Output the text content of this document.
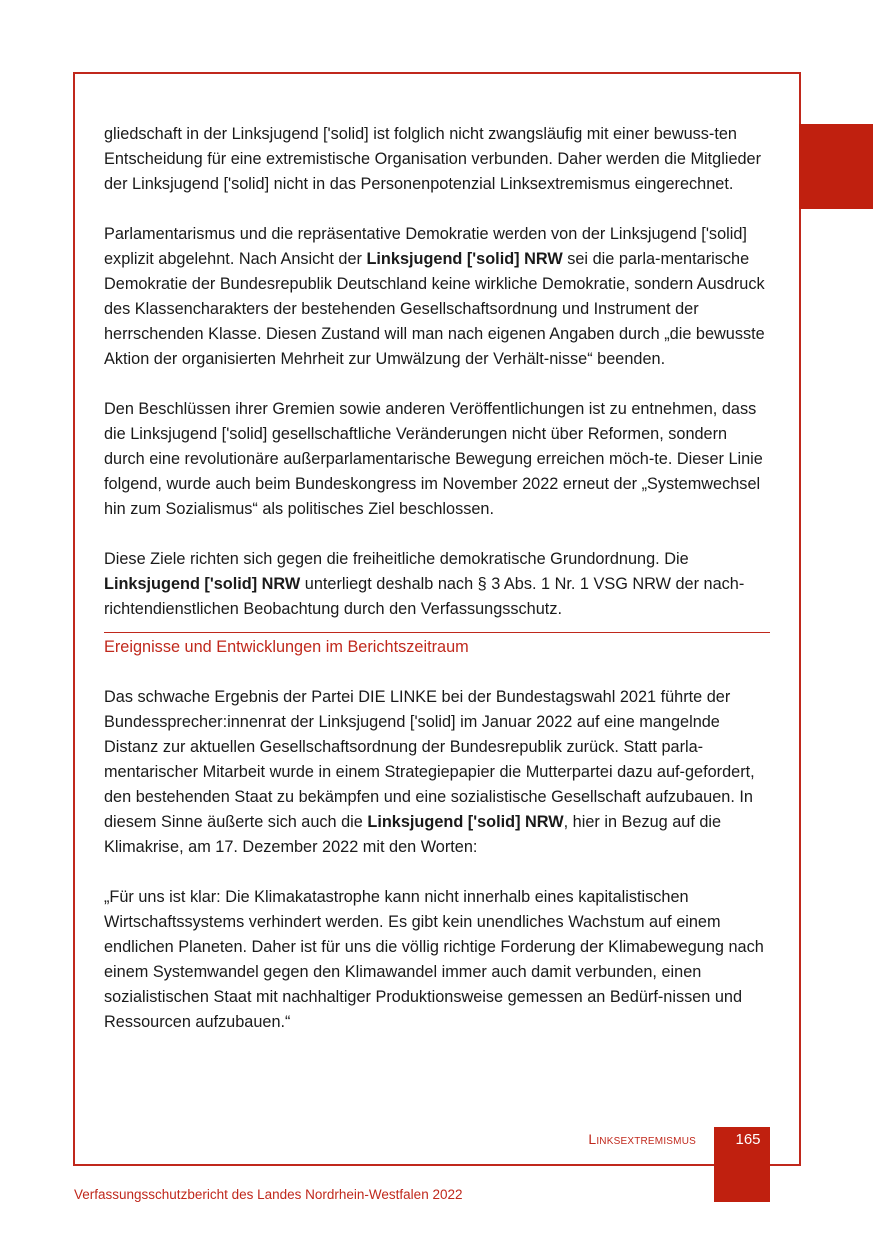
gliedschaft in der Linksjugend ['solid] ist folglich nicht zwangsläufig mit einer bewuss-ten Entscheidung für eine extremistische Organisation verbunden. Daher werden die Mitglieder der Linksjugend ['solid] nicht in das Personenpotenzial Linksextremismus eingerechnet.

Parlamentarismus und die repräsentative Demokratie werden von der Linksjugend ['solid] explizit abgelehnt. Nach Ansicht der Linksjugend ['solid] NRW sei die parla-mentarische Demokratie der Bundesrepublik Deutschland keine wirkliche Demokratie, sondern Ausdruck des Klassencharakters der bestehenden Gesellschaftsordnung und Instrument der herrschenden Klasse. Diesen Zustand will man nach eigenen Angaben durch „die bewusste Aktion der organisierten Mehrheit zur Umwälzung der Verhält-nisse“ beenden.

Den Beschlüssen ihrer Gremien sowie anderen Veröffentlichungen ist zu entnehmen, dass die Linksjugend ['solid] gesellschaftliche Veränderungen nicht über Reformen, sondern durch eine revolutionäre außerparlamentarische Bewegung erreichen möch-te. Dieser Linie folgend, wurde auch beim Bundeskongress im November 2022 erneut der „Systemwechsel hin zum Sozialismus“ als politisches Ziel beschlossen.

Diese Ziele richten sich gegen die freiheitliche demokratische Grundordnung. Die Linksjugend ['solid] NRW unterliegt deshalb nach § 3 Abs. 1 Nr. 1 VSG NRW der nach-richtendienstlichen Beobachtung durch den Verfassungsschutz.

Ereignisse und Entwicklungen im Berichtszeitraum

Das schwache Ergebnis der Partei DIE LINKE bei der Bundestagswahl 2021 führte der Bundessprecher:innenrat der Linksjugend ['solid] im Januar 2022 auf eine mangelnde Distanz zur aktuellen Gesellschaftsordnung der Bundesrepublik zurück. Statt parla-mentarischer Mitarbeit wurde in einem Strategiepapier die Mutterpartei dazu auf-gefordert, den bestehenden Staat zu bekämpfen und eine sozialistische Gesellschaft aufzubauen. In diesem Sinne äußerte sich auch die Linksjugend ['solid] NRW, hier in Bezug auf die Klimakrise, am 17. Dezember 2022 mit den Worten:

„Für uns ist klar: Die Klimakatastrophe kann nicht innerhalb eines kapitalistischen Wirtschaftssystems verhindert werden. Es gibt kein unendliches Wachstum auf einem endlichen Planeten. Daher ist für uns die völlig richtige Forderung der Klimabewegung nach einem Systemwandel gegen den Klimawandel immer auch damit verbunden, einen sozialistischen Staat mit nachhaltiger Produktionsweise gemessen an Bedürf-nissen und Ressourcen aufzubauen.“

Linksextremismus	165
Verfassungsschutzbericht des Landes Nordrhein-Westfalen 2022
